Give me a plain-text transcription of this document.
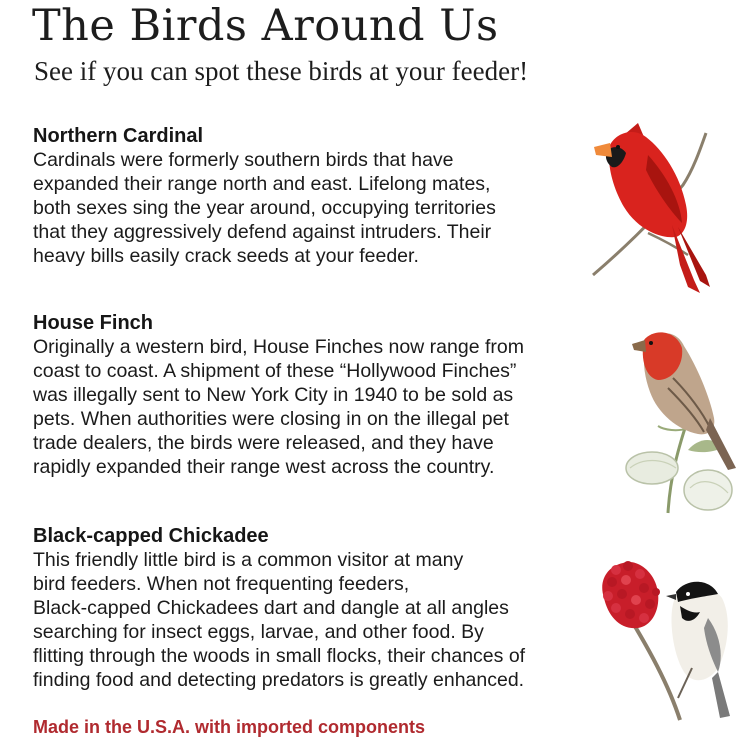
The Birds Around Us
See if you can spot these birds at your feeder!
Northern Cardinal
Cardinals were formerly southern birds that have
expanded their range north and east. Lifelong mates,
both sexes sing the year around, occupying territories
that they aggressively defend against intruders. Their
heavy bills easily crack seeds at your feeder.
House Finch
Originally a western bird, House Finches now range from
coast to coast. A shipment of these “Hollywood Finches”
was illegally sent to New York City in 1940 to be sold as
pets. When authorities were closing in on the illegal pet
trade dealers, the birds were released, and they have
rapidly expanded their range west across the country.
Black-capped Chickadee
This friendly little bird is a common visitor at many
bird feeders. When not frequenting feeders,
Black-capped Chickadees dart and dangle at all angles
searching for insect eggs, larvae, and other food. By
flitting through the woods in small flocks, their chances of
finding food and detecting predators is greatly enhanced.
Made in the U.S.A. with imported components
